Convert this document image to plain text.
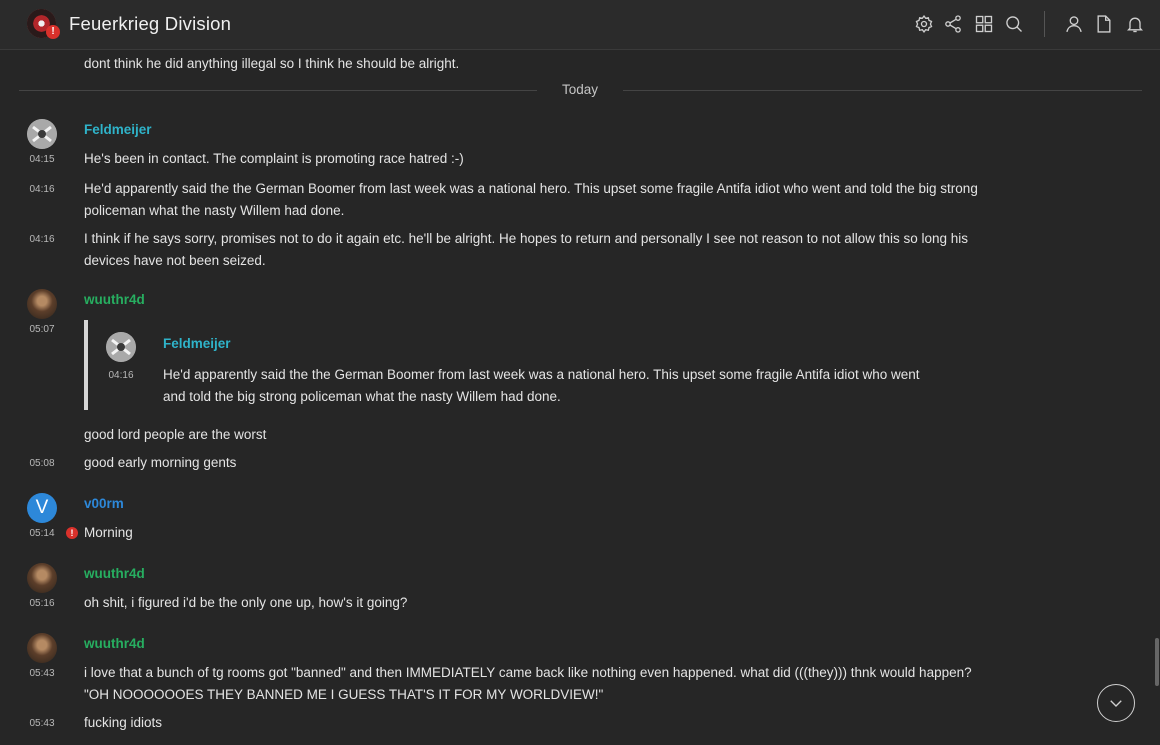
! Feuerkrieg Division
dont think he did anything illegal so I think he should be alright.
Today
Feldmeijer
04:15 He's been in contact. The complaint is promoting race hatred :-)
04:16 He'd apparently said the the German Boomer from last week was a national hero. This upset some fragile Antifa idiot who went and told the big strong policeman what the nasty Willem had done.
04:16 I think if he says sorry, promises not to do it again etc. he'll be alright. He hopes to return and personally I see not reason to not allow this so long his devices have not been seized.
wuuthr4d
05:07
Feldmeijer
04:16 He'd apparently said the the German Boomer from last week was a national hero. This upset some fragile Antifa idiot who went and told the big strong policeman what the nasty Willem had done.
good lord people are the worst
05:08 good early morning gents
V	v00rm
05:14	! Morning
wuuthr4d
05:16 oh shit, i figured i'd be the only one up, how's it going?
wuuthr4d
05:43 i love that a bunch of tg rooms got "banned" and then IMMEDIATELY came back like nothing even happened. what did (((they))) thnk would happen? "OH NOOOOOOES THEY BANNED ME I GUESS THAT'S IT FOR MY WORLDVIEW!"
05:43 fucking idiots
